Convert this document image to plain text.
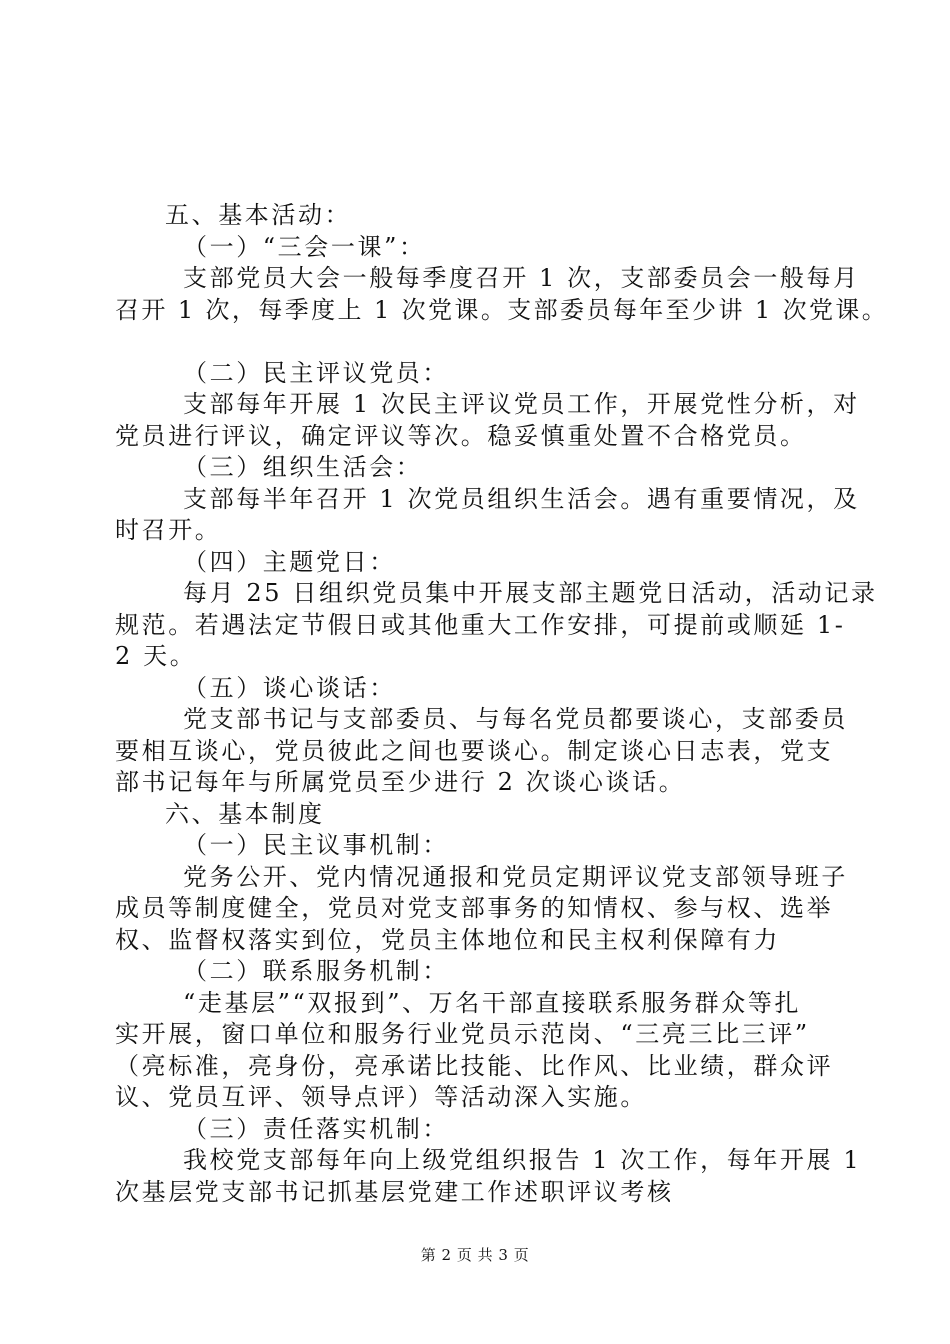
五、基本活动：
（一）“三会一课”：
支部党员大会一般每季度召开 1 次，支部委员会一般每月
召开 1 次，每季度上 1 次党课。支部委员每年至少讲 1 次党课。
（二）民主评议党员：
支部每年开展 1 次民主评议党员工作，开展党性分析，对
党员进行评议，确定评议等次。稳妥慎重处置不合格党员。
（三）组织生活会：
支部每半年召开 1 次党员组织生活会。遇有重要情况，及
时召开。
（四）主题党日：
每月 25 日组织党员集中开展支部主题党日活动，活动记录
规范。若遇法定节假日或其他重大工作安排，可提前或顺延 1-
2 天。
（五）谈心谈话：
党支部书记与支部委员、与每名党员都要谈心，支部委员
要相互谈心，党员彼此之间也要谈心。制定谈心日志表，党支
部书记每年与所属党员至少进行 2 次谈心谈话。
六、基本制度
（一）民主议事机制：
党务公开、党内情况通报和党员定期评议党支部领导班子
成员等制度健全，党员对党支部事务的知情权、参与权、选举
权、监督权落实到位，党员主体地位和民主权利保障有力
（二）联系服务机制：
“走基层”“双报到”、万名干部直接联系服务群众等扎
实开展，窗口单位和服务行业党员示范岗、“三亮三比三评”
（亮标准，亮身份，亮承诺比技能、比作风、比业绩，群众评
议、党员互评、领导点评）等活动深入实施。
（三）责任落实机制：
我校党支部每年向上级党组织报告 1 次工作，每年开展 1
次基层党支部书记抓基层党建工作述职评议考核
第 2 页 共 3 页
